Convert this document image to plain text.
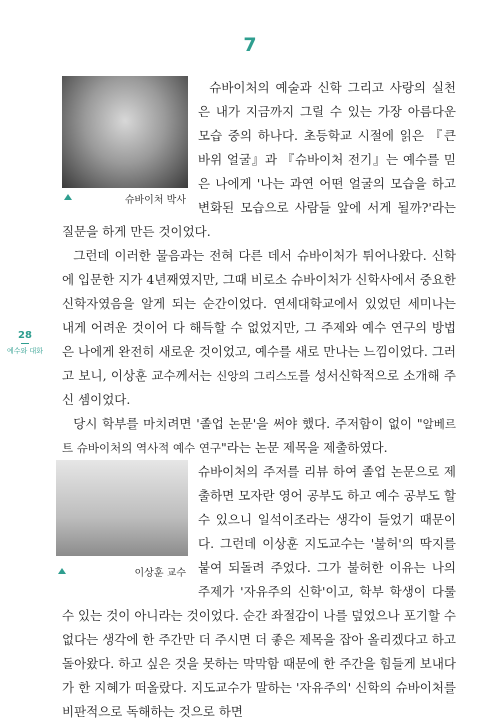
7
28
예수와 대화
슈바이처 박사

슈바이처의 예술과 신학 그리고 사랑의 실천은 내가 지금까지 그릴 수 있는 가장 아름다운 모습 중의 하나다. 초등학교 시절에 읽은 『큰 바위 얼굴』과 『슈바이처 전기』는 예수를 믿은 나에게 '나는 과연 어떤 얼굴의 모습을 하고 변화된 모습으로 사람들 앞에 서게 될까?'라는 질문을 하게 만든 것이었다.

그런데 이러한 물음과는 전혀 다른 데서 슈바이처가 튀어나왔다. 신학에 입문한 지가 4년째였지만, 그때 비로소 슈바이처가 신학사에서 중요한 신학자였음을 알게 되는 순간이었다. 연세대학교에서 있었던 세미나는 내게 어려운 것이어 다 해득할 수 없었지만, 그 주제와 예수 연구의 방법은 나에게 완전히 새로운 것이었고, 예수를 새로 만나는 느낌이었다. 그러고 보니, 이상훈 교수께서는 신앙의 그리스도를 성서신학적으로 소개해 주신 셈이었다.

당시 학부를 마치려면 '졸업 논문'을 써야 했다. 주저함이 없이 "알베르트 슈바이처의 역사적 예수 연구"라는 논문 제목을 제출하였다.

이상훈 교수
슈바이처의 주저를 리뷰 하여 졸업 논문으로 제출하면 모자란 영어 공부도 하고 예수 공부도 할 수 있으니 일석이조라는 생각이 들었기 때문이다. 그런데 이상훈 지도교수는 '불허'의 딱지를 붙여 되돌려 주었다. 그가 불허한 이유는 나의 주제가 '자유주의 신학'이고, 학부 학생이 다룰 수 있는 것이 아니라는 것이었다. 순간 좌절감이 나를 덮었으나 포기할 수 없다는 생각에 한 주간만 더 주시면 더 좋은 제목을 잡아 올리겠다고 하고 돌아왔다. 하고 싶은 것을 못하는 막막함 때문에 한 주간을 힘들게 보내다가 한 지혜가 떠올랐다. 지도교수가 말하는 '자유주의' 신학의 슈바이처를 비판적으로 독해하는 것으로 하면
